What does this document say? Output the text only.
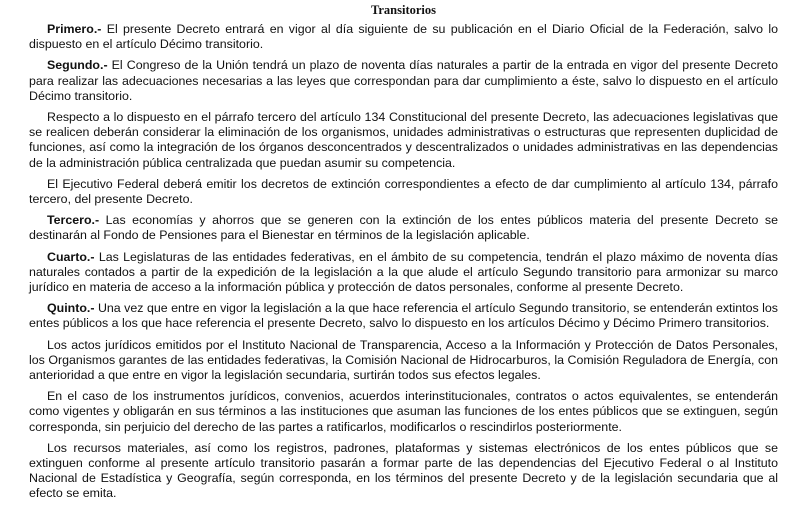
Transitorios

Primero.- El presente Decreto entrará en vigor al día siguiente de su publicación en el Diario Oficial de la Federación, salvo lo dispuesto en el artículo Décimo transitorio.

Segundo.- El Congreso de la Unión tendrá un plazo de noventa días naturales a partir de la entrada en vigor del presente Decreto para realizar las adecuaciones necesarias a las leyes que correspondan para dar cumplimiento a éste, salvo lo dispuesto en el artículo Décimo transitorio.

Respecto a lo dispuesto en el párrafo tercero del artículo 134 Constitucional del presente Decreto, las adecuaciones legislativas que se realicen deberán considerar la eliminación de los organismos, unidades administrativas o estructuras que representen duplicidad de funciones, así como la integración de los órganos desconcentrados y descentralizados o unidades administrativas en las dependencias de la administración pública centralizada que puedan asumir su competencia.

El Ejecutivo Federal deberá emitir los decretos de extinción correspondientes a efecto de dar cumplimiento al artículo 134, párrafo tercero, del presente Decreto.

Tercero.- Las economías y ahorros que se generen con la extinción de los entes públicos materia del presente Decreto se destinarán al Fondo de Pensiones para el Bienestar en términos de la legislación aplicable.

Cuarto.- Las Legislaturas de las entidades federativas, en el ámbito de su competencia, tendrán el plazo máximo de noventa días naturales contados a partir de la expedición de la legislación a la que alude el artículo Segundo transitorio para armonizar su marco jurídico en materia de acceso a la información pública y protección de datos personales, conforme al presente Decreto.

Quinto.- Una vez que entre en vigor la legislación a la que hace referencia el artículo Segundo transitorio, se entenderán extintos los entes públicos a los que hace referencia el presente Decreto, salvo lo dispuesto en los artículos Décimo y Décimo Primero transitorios.

Los actos jurídicos emitidos por el Instituto Nacional de Transparencia, Acceso a la Información y Protección de Datos Personales, los Organismos garantes de las entidades federativas, la Comisión Nacional de Hidrocarburos, la Comisión Reguladora de Energía, con anterioridad a que entre en vigor la legislación secundaria, surtirán todos sus efectos legales.

En el caso de los instrumentos jurídicos, convenios, acuerdos interinstitucionales, contratos o actos equivalentes, se entenderán como vigentes y obligarán en sus términos a las instituciones que asuman las funciones de los entes públicos que se extinguen, según corresponda, sin perjuicio del derecho de las partes a ratificarlos, modificarlos o rescindirlos posteriormente.

Los recursos materiales, así como los registros, padrones, plataformas y sistemas electrónicos de los entes públicos que se extinguen conforme al presente artículo transitorio pasarán a formar parte de las dependencias del Ejecutivo Federal o al Instituto Nacional de Estadística y Geografía, según corresponda, en los términos del presente Decreto y de la legislación secundaria que al efecto se emita.
